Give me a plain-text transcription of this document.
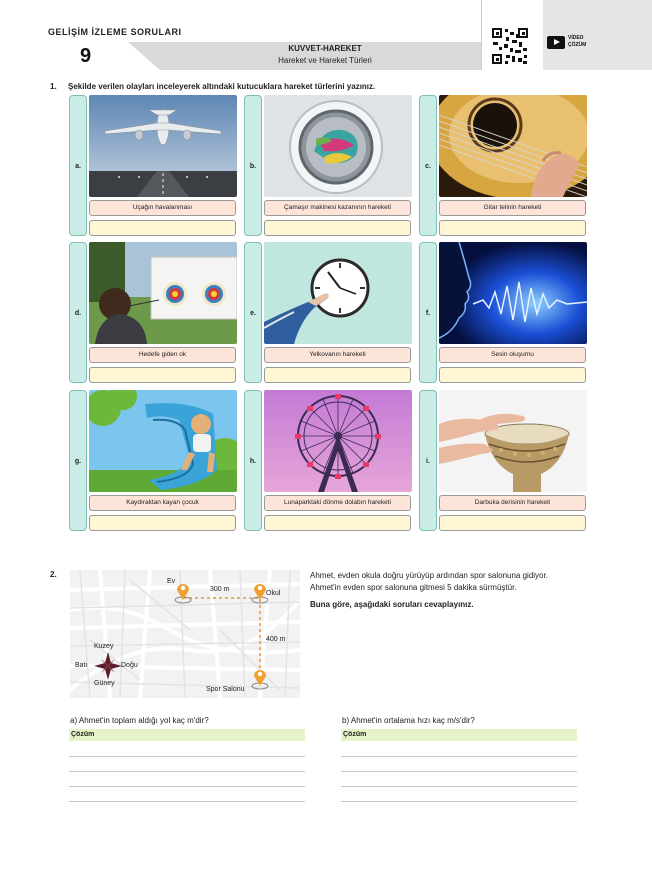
GELİŞİM İZLEME SORULARI
9	KUVVET-HAREKET
Hareket ve Hareket Türleri
VİDEO
ÇÖZÜM
1. Şekilde verilen olayları inceleyerek altındaki kutucuklara hareket türlerini yazınız.
a.
Uçağın havalanması
b.
Çamaşır makinesi kazanının hareketi
c.
Gitar telinin hareketi
d.
Hedefe giden ok
e.
Yelkovanın hareketi
f.
Sesin oluşumu
g.
Kaydıraktan kayan çocuk
h.
Lunaparktaki dönme dolabın hareketi
i.
Darbuka derisinin hareketi
2.
Ev
300 m
Okul
400 m
Spor Salonu
Kuzey
Güney
Batı	Doğu
Ahmet, evden okula doğru yürüyüp ardından spor salonuna gidiyor.
Ahmet'in evden spor salonuna gitmesi 5 dakika sürmüştür.
Buna göre, aşağıdaki soruları cevaplayınız.
a) Ahmet'in toplam aldığı yol kaç m'dir?
Çözüm
b) Ahmet'in ortalama hızı kaç m/s'dir?
Çözüm
